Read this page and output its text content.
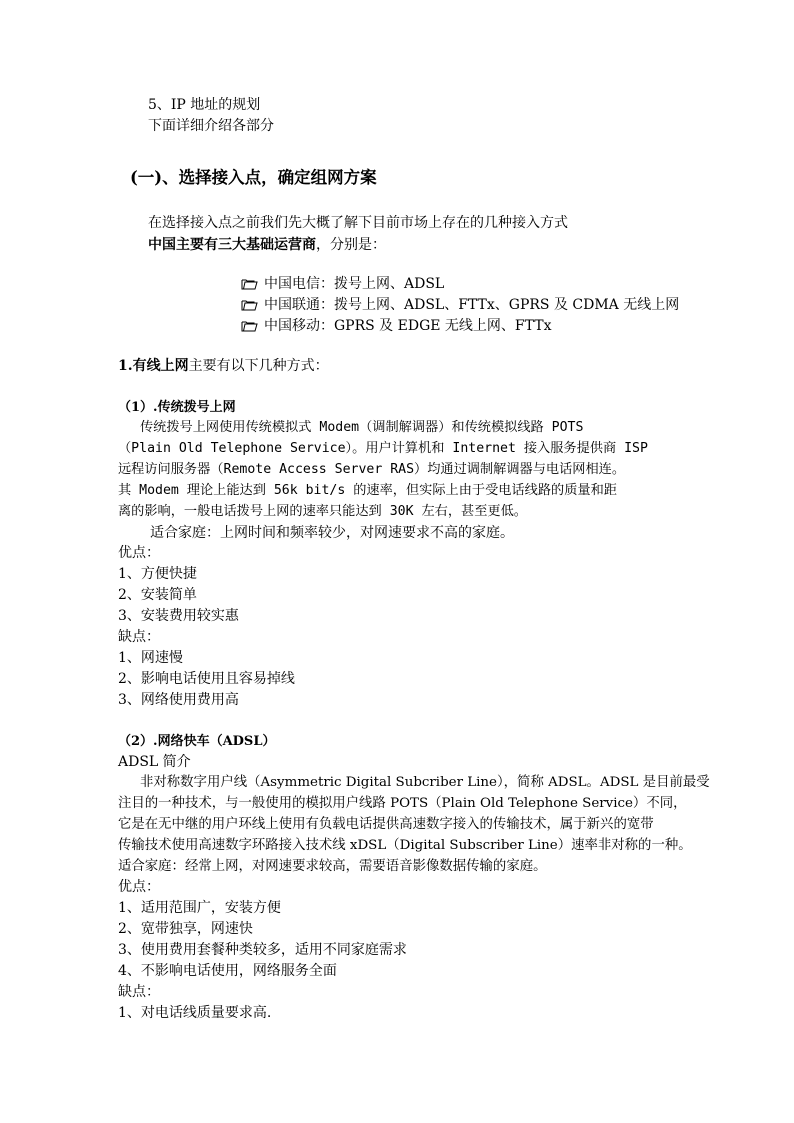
5、IP 地址的规划
下面详细介绍各部分
(一)、选择接入点，确定组网方案
在选择接入点之前我们先大概了解下目前市场上存在的几种接入方式
中国主要有三大基础运营商，分别是：
中国电信：拨号上网、ADSL
中国联通：拨号上网、ADSL、FTTx、GPRS 及 CDMA 无线上网
中国移动：GPRS 及 EDGE 无线上网、FTTx
1.有线上网主要有以下几种方式：
（1）.传统拨号上网
传统拨号上网使用传统模拟式 Modem（调制解调器）和传统模拟线路 POTS
（Plain Old Telephone Service）。用户计算机和 Internet 接入服务提供商 ISP
远程访问服务器（Remote Access Server RAS）均通过调制解调器与电话网相连。
其 Modem 理论上能达到 56k bit/s 的速率，但实际上由于受电话线路的质量和距
离的影响，一般电话拨号上网的速率只能达到 30K 左右，甚至更低。
适合家庭：上网时间和频率较少，对网速要求不高的家庭。
优点：
1、方便快捷
2、安装简单
3、安装费用较实惠
缺点：
1、网速慢
2、影响电话使用且容易掉线
3、网络使用费用高
（2）.网络快车（ADSL）
ADSL 简介
非对称数字用户线（Asymmetric Digital Subcriber Line），简称 ADSL。ADSL 是目前最受
注目的一种技术，与一般使用的模拟用户线路 POTS（Plain Old Telephone Service）不同，
它是在无中继的用户环线上使用有负载电话提供高速数字接入的传输技术，属于新兴的宽带
传输技术使用高速数字环路接入技术线 xDSL（Digital Subscriber Line）速率非对称的一种。
适合家庭：经常上网，对网速要求较高，需要语音影像数据传输的家庭。
优点：
1、适用范围广，安装方便
2、宽带独享，网速快
3、使用费用套餐种类较多，适用不同家庭需求
4、不影响电话使用，网络服务全面
缺点：
1、对电话线质量要求高.
